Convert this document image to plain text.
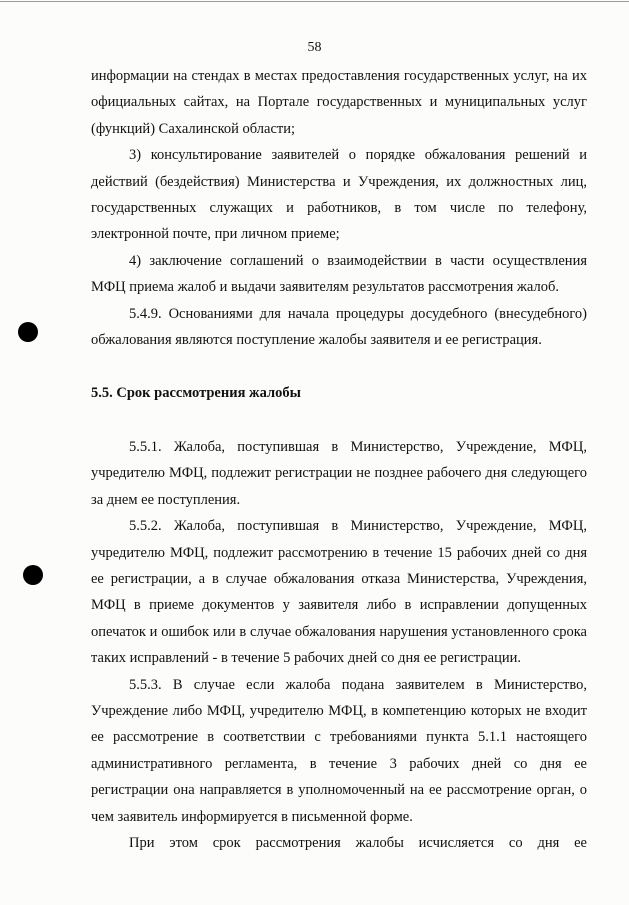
58

информации на стендах в местах предоставления государственных услуг, на их официальных сайтах, на Портале государственных и муниципальных услуг (функций) Сахалинской области;

3) консультирование заявителей о порядке обжалования решений и действий (бездействия) Министерства и Учреждения, их должностных лиц, государственных служащих и работников, в том числе по телефону, электронной почте, при личном приеме;

4) заключение соглашений о взаимодействии в части осуществления МФЦ приема жалоб и выдачи заявителям результатов рассмотрения жалоб.

5.4.9. Основаниями для начала процедуры досудебного (внесудебного) обжалования являются поступление жалобы заявителя и ее регистрация.

5.5. Срок рассмотрения жалобы

5.5.1. Жалоба, поступившая в Министерство, Учреждение, МФЦ, учредителю МФЦ, подлежит регистрации не позднее рабочего дня следующего за днем ее поступления.

5.5.2. Жалоба, поступившая в Министерство, Учреждение, МФЦ, учредителю МФЦ, подлежит рассмотрению в течение 15 рабочих дней со дня ее регистрации, а в случае обжалования отказа Министерства, Учреждения, МФЦ в приеме документов у заявителя либо в исправлении допущенных опечаток и ошибок или в случае обжалования нарушения установленного срока таких исправлений - в течение 5 рабочих дней со дня ее регистрации.

5.5.3. В случае если жалоба подана заявителем в Министерство, Учреждение либо МФЦ, учредителю МФЦ, в компетенцию которых не входит ее рассмотрение в соответствии с требованиями пункта 5.1.1 настоящего административного регламента, в течение 3 рабочих дней со дня ее регистрации она направляется в уполномоченный на ее рассмотрение орган, о чем заявитель информируется в письменной форме.

При этом срок рассмотрения жалобы исчисляется со дня ее
